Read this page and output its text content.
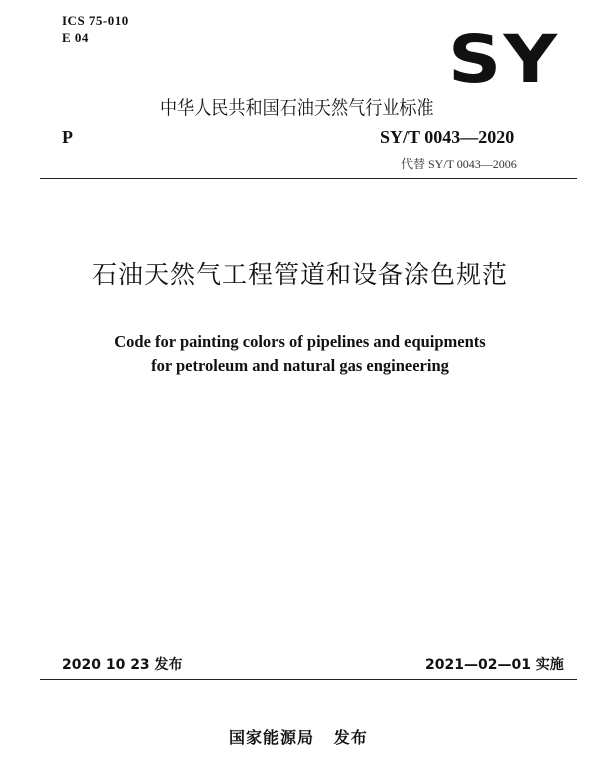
ICS 75-010
E 04	SY
中华人民共和国石油天然气行业标准
P	SY/T 0043—2020
代替 SY/T 0043—2006
石油天然气工程管道和设备涂色规范
Code for painting colors of pipelines and equipments
for petroleum and natural gas engineering
2020 10 23 发布	2021—02—01 实施
国家能源局   发布
